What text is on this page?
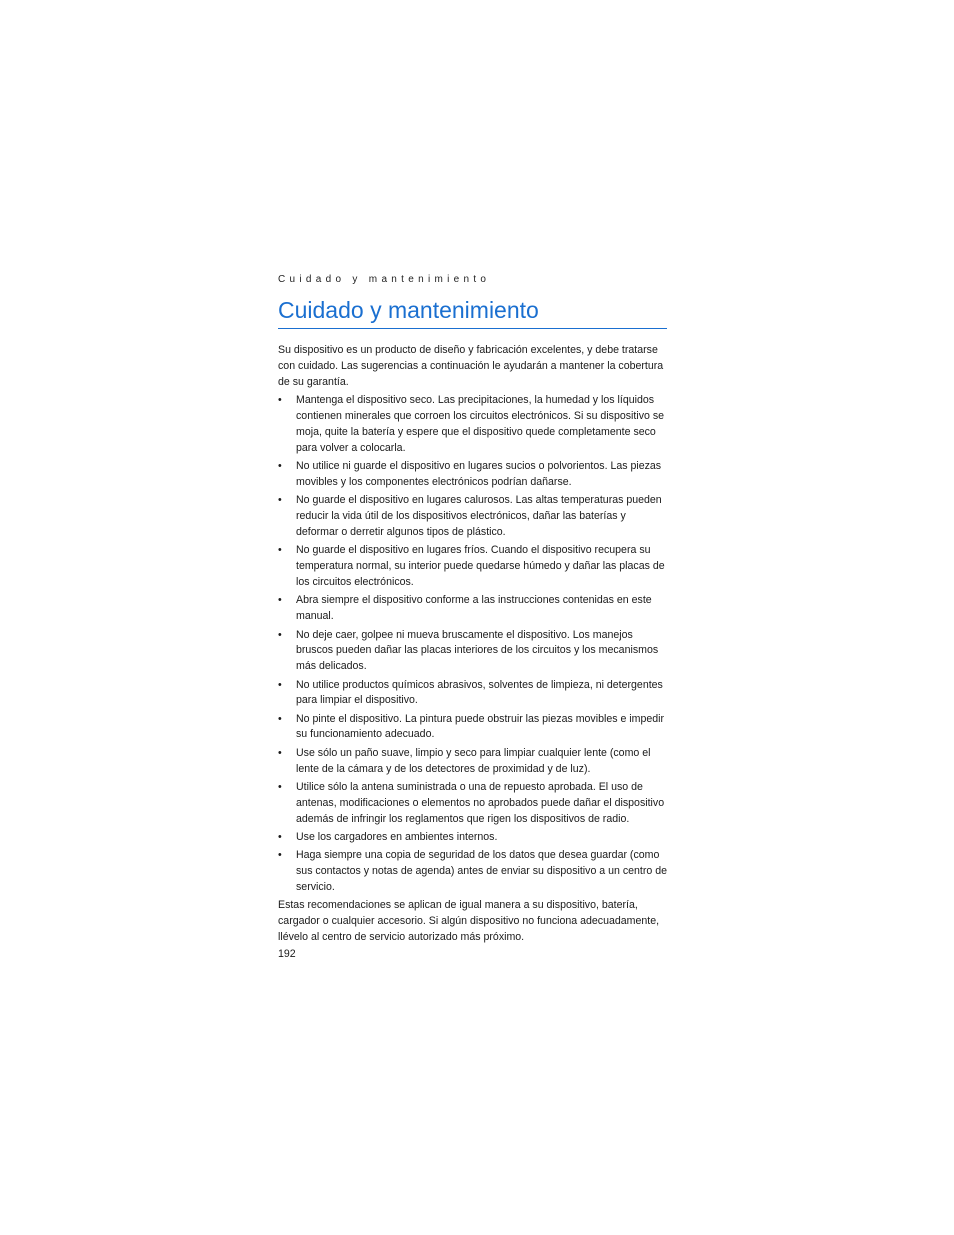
Cuidado y mantenimiento
Cuidado y mantenimiento

Su dispositivo es un producto de diseño y fabricación excelentes, y debe tratarse con cuidado. Las sugerencias a continuación le ayudarán a mantener la cobertura de su garantía.

• Mantenga el dispositivo seco. Las precipitaciones, la humedad y los líquidos contienen minerales que corroen los circuitos electrónicos. Si su dispositivo se moja, quite la batería y espere que el dispositivo quede completamente seco para volver a colocarla.
• No utilice ni guarde el dispositivo en lugares sucios o polvorientos. Las piezas movibles y los componentes electrónicos podrían dañarse.
• No guarde el dispositivo en lugares calurosos. Las altas temperaturas pueden reducir la vida útil de los dispositivos electrónicos, dañar las baterías y deformar o derretir algunos tipos de plástico.
• No guarde el dispositivo en lugares fríos. Cuando el dispositivo recupera su temperatura normal, su interior puede quedarse húmedo y dañar las placas de los circuitos electrónicos.
• Abra siempre el dispositivo conforme a las instrucciones contenidas en este manual.
• No deje caer, golpee ni mueva bruscamente el dispositivo. Los manejos bruscos pueden dañar las placas interiores de los circuitos y los mecanismos más delicados.
• No utilice productos químicos abrasivos, solventes de limpieza, ni detergentes para limpiar el dispositivo.
• No pinte el dispositivo. La pintura puede obstruir las piezas movibles e impedir su funcionamiento adecuado.
• Use sólo un paño suave, limpio y seco para limpiar cualquier lente (como el lente de la cámara y de los detectores de proximidad y de luz).
• Utilice sólo la antena suministrada o una de repuesto aprobada. El uso de antenas, modificaciones o elementos no aprobados puede dañar el dispositivo además de infringir los reglamentos que rigen los dispositivos de radio.
• Use los cargadores en ambientes internos.
• Haga siempre una copia de seguridad de los datos que desea guardar (como sus contactos y notas de agenda) antes de enviar su dispositivo a un centro de servicio.

Estas recomendaciones se aplican de igual manera a su dispositivo, batería, cargador o cualquier accesorio. Si algún dispositivo no funciona adecuadamente, llévelo al centro de servicio autorizado más próximo.

192
